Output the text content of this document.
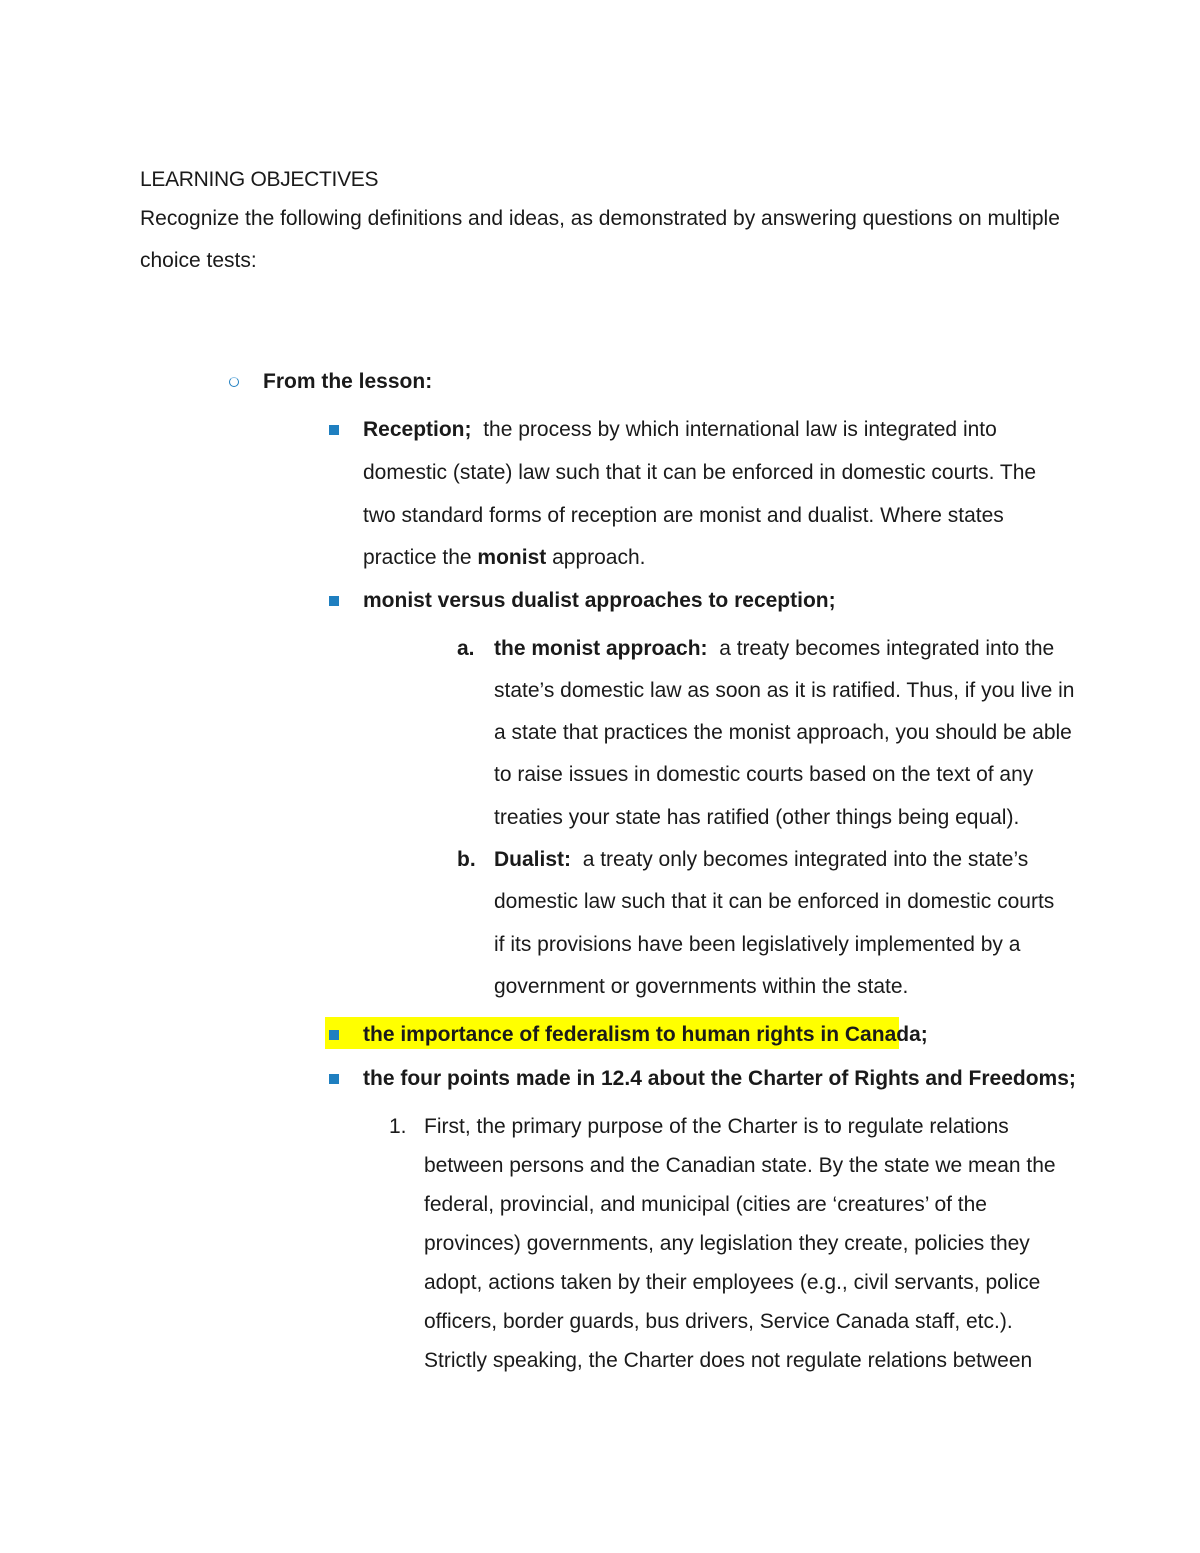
LEARNING OBJECTIVES
Recognize the following definitions and ideas, as demonstrated by answering questions on multiple
choice tests:
From the lesson:
Reception; the process by which international law is integrated into
domestic (state) law such that it can be enforced in domestic courts. The
two standard forms of reception are monist and dualist. Where states
practice the monist approach.
monist versus dualist approaches to reception;
a. the monist approach: a treaty becomes integrated into the
state’s domestic law as soon as it is ratified. Thus, if you live in
a state that practices the monist approach, you should be able
to raise issues in domestic courts based on the text of any
treaties your state has ratified (other things being equal).
b. Dualist: a treaty only becomes integrated into the state’s
domestic law such that it can be enforced in domestic courts
if its provisions have been legislatively implemented by a
government or governments within the state.
the importance of federalism to human rights in Canada;
the four points made in 12.4 about the Charter of Rights and Freedoms;
1. First, the primary purpose of the Charter is to regulate relations
between persons and the Canadian state. By the state we mean the
federal, provincial, and municipal (cities are ‘creatures’ of the
provinces) governments, any legislation they create, policies they
adopt, actions taken by their employees (e.g., civil servants, police
officers, border guards, bus drivers, Service Canada staff, etc.).
Strictly speaking, the Charter does not regulate relations between
